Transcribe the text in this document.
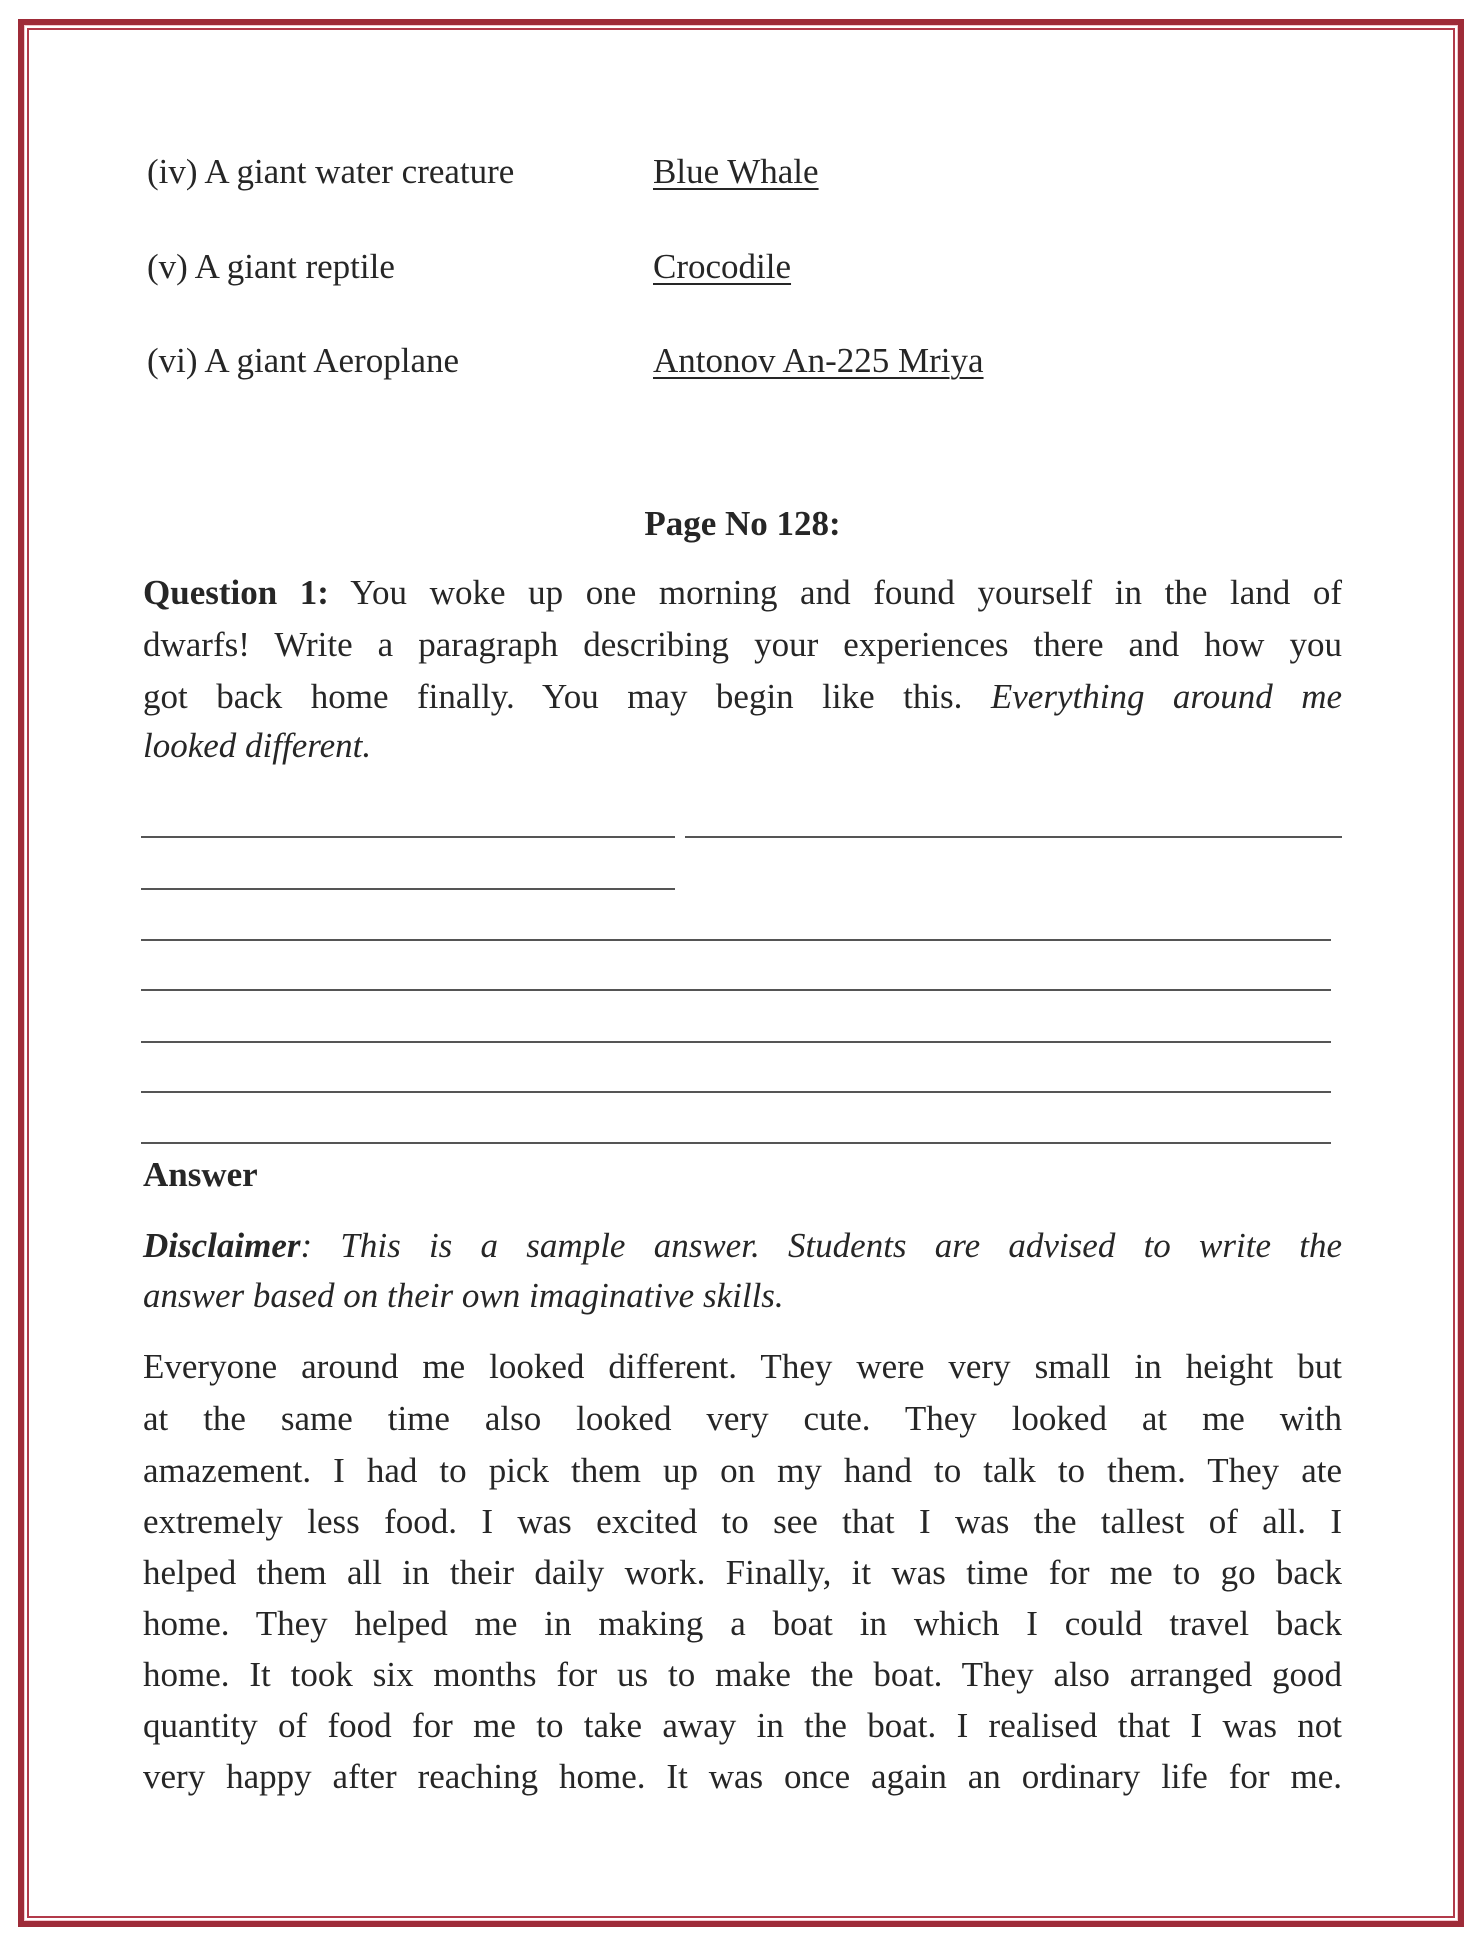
(iv) A giant water creature	Blue Whale
(v) A giant reptile	Crocodile
(vi) A giant Aeroplane	Antonov An-225 Mriya
Page No 128:
Question 1: You woke up one morning and found yourself in the land of
dwarfs! Write a paragraph describing your experiences there and how you
got back home finally. You may begin like this. Everything around me
looked different.
Answer
Disclaimer: This is a sample answer. Students are advised to write the
answer based on their own imaginative skills.
Everyone around me looked different. They were very small in height but
at the same time also looked very cute. They looked at me with
amazement. I had to pick them up on my hand to talk to them. They ate
extremely less food. I was excited to see that I was the tallest of all. I
helped them all in their daily work. Finally, it was time for me to go back
home. They helped me in making a boat in which I could travel back
home. It took six months for us to make the boat. They also arranged good
quantity of food for me to take away in the boat. I realised that I was not
very happy after reaching home. It was once again an ordinary life for me.
